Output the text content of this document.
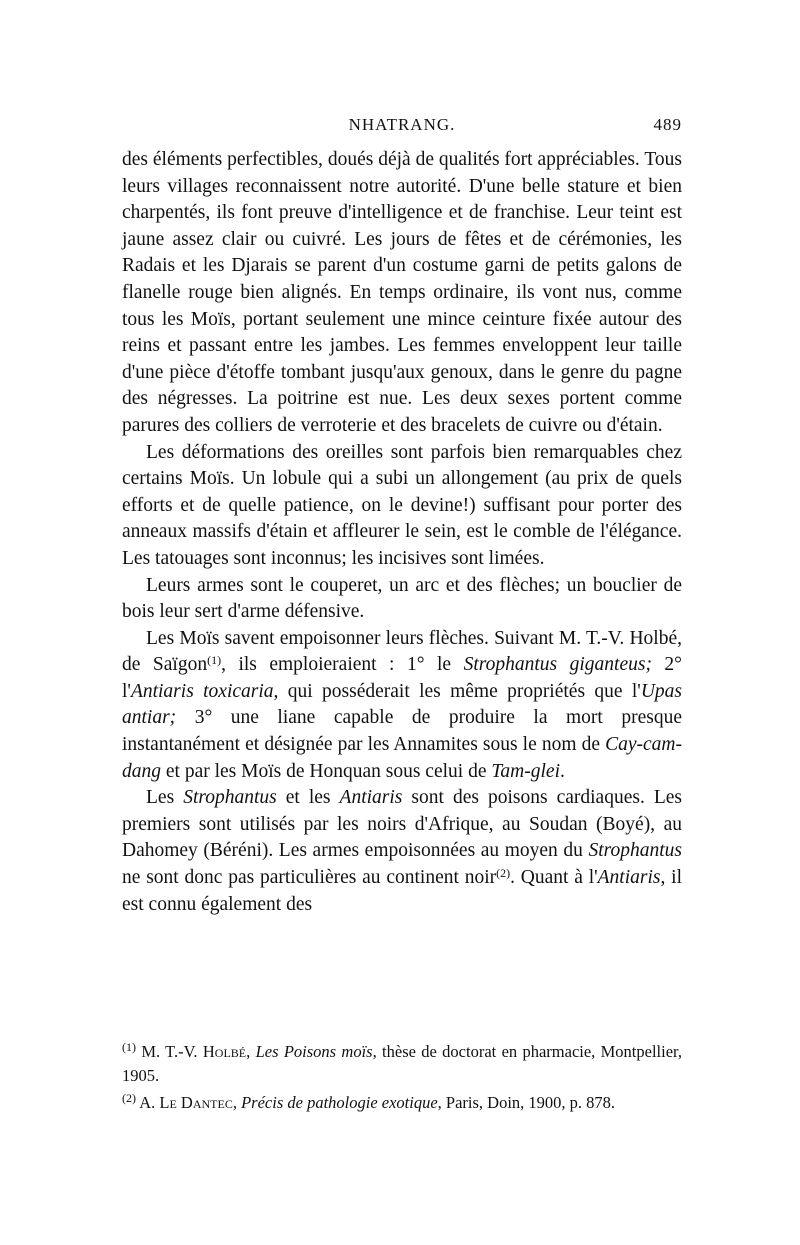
NHATRANG.	489

des éléments perfectibles, doués déjà de qualités fort appréciables. Tous leurs villages reconnaissent notre autorité. D'une belle stature et bien charpentés, ils font preuve d'intelligence et de franchise. Leur teint est jaune assez clair ou cuivré. Les jours de fêtes et de cérémonies, les Radais et les Djarais se parent d'un costume garni de petits galons de flanelle rouge bien alignés. En temps ordinaire, ils vont nus, comme tous les Moïs, portant seulement une mince ceinture fixée autour des reins et passant entre les jambes. Les femmes enveloppent leur taille d'une pièce d'étoffe tombant jusqu'aux genoux, dans le genre du pagne des négresses. La poitrine est nue. Les deux sexes portent comme parures des colliers de verroterie et des bracelets de cuivre ou d'étain.

Les déformations des oreilles sont parfois bien remarquables chez certains Moïs. Un lobule qui a subi un allongement (au prix de quels efforts et de quelle patience, on le devine!) suffisant pour porter des anneaux massifs d'étain et affleurer le sein, est le comble de l'élégance. Les tatouages sont inconnus; les incisives sont limées.

Leurs armes sont le couperet, un arc et des flèches; un bouclier de bois leur sert d'arme défensive.

Les Moïs savent empoisonner leurs flèches. Suivant M. T.-V. Holbé, de Saïgon$^{(1)}$, ils emploieraient : 1° le Strophantus giganteus; 2° l'Antiaris toxicaria, qui posséderait les même propriétés que l'Upas antiar; 3° une liane capable de produire la mort presque instantanément et désignée par les Annamites sous le nom de Cay-cam-dang et par les Moïs de Honquan sous celui de Tam-glei.

Les Strophantus et les Antiaris sont des poisons cardiaques. Les premiers sont utilisés par les noirs d'Afrique, au Soudan (Boyé), au Dahomey (Béréni). Les armes empoisonnées au moyen du Strophantus ne sont donc pas particulières au continent noir$^{(2)}$. Quant à l'Antiaris, il est connu également des

$^{(1)}$ M. T.-V. Holbé, Les Poisons moïs, thèse de doctorat en pharmacie, Montpellier, 1905.

$^{(2)}$ A. Le Dantec, Précis de pathologie exotique, Paris, Doin, 1900, p. 878.
